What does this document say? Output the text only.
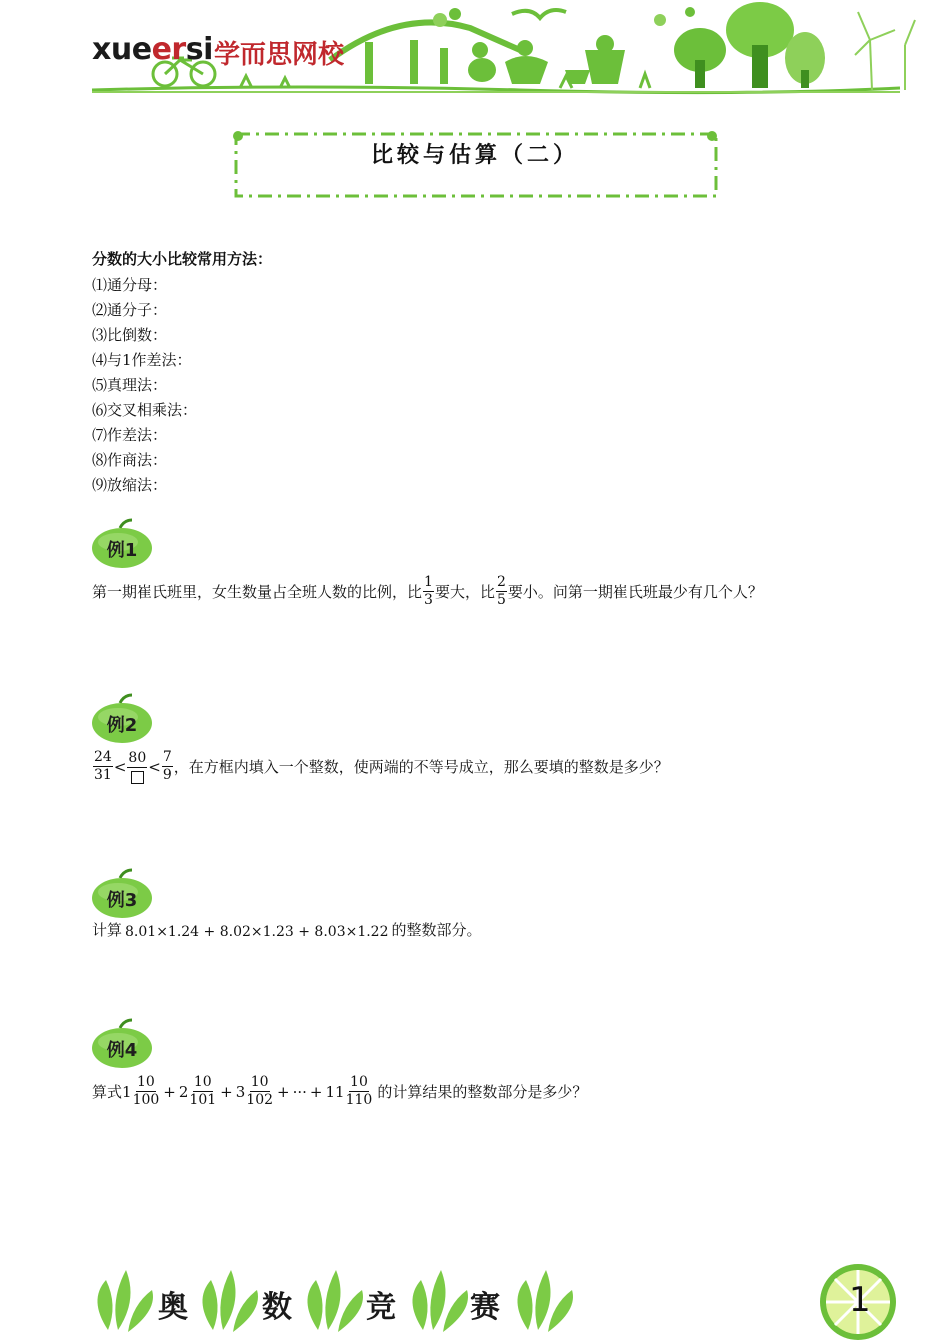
xueersi 学而思网校
比较与估算（二）
分数的大小比较常用方法：
⑴通分母：
⑵通分子：
⑶比倒数：
⑷与1作差法：
⑸真理法：
⑹交叉相乘法：
⑺作差法：
⑻作商法：
⑼放缩法：
例1
例2
例3
例4
第一期崔氏班里，女生数量占全班人数的比例，比 $\frac{1}{3}$ 要大，比 $\frac{2}{5}$ 要小。问第一期崔氏班最少有几个人？
$\frac{24}{31} < 80 < \frac{7}{9}$ ，在方框内填入一个整数，使两端的不等号成立，那么要填的整数是多少？
计算 8.01×1.24 + 8.02×1.23 + 8.03×1.22 的整数部分。
算式 $1 \frac{10}{100} + 2 \frac{10}{101} + 3 \frac{10}{102}$ + ··· + $11 \frac{10}{110}$ 的计算结果的整数部分是多少？
奥 数 竞 赛	1
